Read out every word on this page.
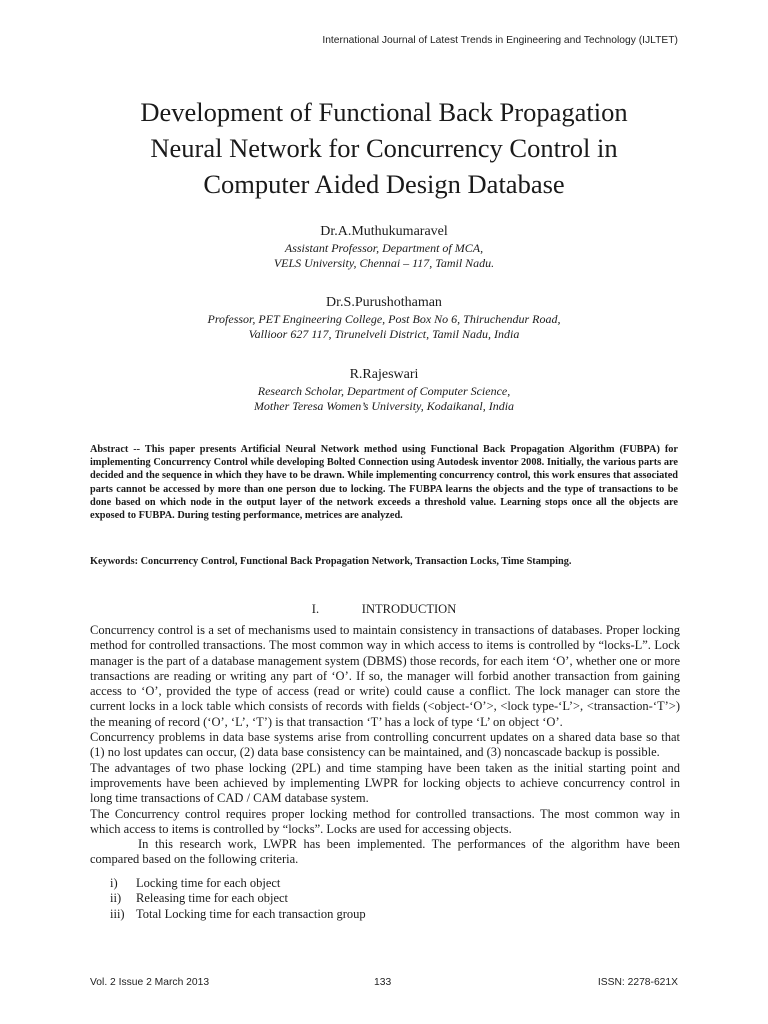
International Journal of Latest Trends in Engineering and Technology (IJLTET)
Development of Functional Back Propagation
Neural Network for Concurrency Control in
Computer Aided Design Database
Dr.A.Muthukumaravel
Assistant Professor, Department of MCA,
VELS University, Chennai – 117, Tamil Nadu.
Dr.S.Purushothaman
Professor, PET Engineering College, Post Box No 6, Thiruchendur Road,
Vallioor 627 117, Tirunelveli District, Tamil Nadu, India
R.Rajeswari
Research Scholar, Department of Computer Science,
Mother Teresa Women’s University, Kodaikanal, India
Abstract -- This paper presents Artificial Neural Network method using Functional Back Propagation Algorithm (FUBPA) for implementing Concurrency Control while developing Bolted Connection using Autodesk inventor 2008. Initially, the various parts are decided and the sequence in which they have to be drawn. While implementing concurrency control, this work ensures that associated parts cannot be accessed by more than one person due to locking. The FUBPA learns the objects and the type of transactions to be done based on which node in the output layer of the network exceeds a threshold value. Learning stops once all the objects are exposed to FUBPA. During testing performance, metrices are analyzed.
Keywords: Concurrency Control, Functional Back Propagation Network, Transaction Locks, Time Stamping.
I.	INTRODUCTION

Concurrency control is a set of mechanisms used to maintain consistency in transactions of databases. Proper locking method for controlled transactions. The most common way in which access to items is controlled by “locks-L”. Lock manager is the part of a database management system (DBMS) those records, for each item ‘O’, whether one or more transactions are reading or writing any part of ‘O’. If so, the manager will forbid another transaction from gaining access to ‘O’, provided the type of access (read or write) could cause a conflict. The lock manager can store the current locks in a lock table which consists of records with fields (<object-‘O’>, <lock type-‘L’>, <transaction-‘T’>) the meaning of record (‘O’, ‘L’, ‘T’) is that transaction ‘T’ has a lock of type ‘L’ on object ‘O’.

Concurrency problems in data base systems arise from controlling concurrent updates on a shared data base so that (1) no lost updates can occur, (2) data base consistency can be maintained, and (3) noncascade backup is possible.

The advantages of two phase locking (2PL) and time stamping have been taken as the initial starting point and improvements have been achieved by implementing LWPR for locking objects to achieve concurrency control in long time transactions of CAD / CAM database system.

The Concurrency control requires proper locking method for controlled transactions. The most common way in which access to items is controlled by “locks”. Locks are used for accessing objects.

In this research work, LWPR has been implemented. The performances of the algorithm have been compared based on the following criteria.

i)	Locking time for each object
ii)	Releasing time for each object
iii) Total Locking time for each transaction group
Vol. 2 Issue 2 March 2013	133	ISSN: 2278-621X
